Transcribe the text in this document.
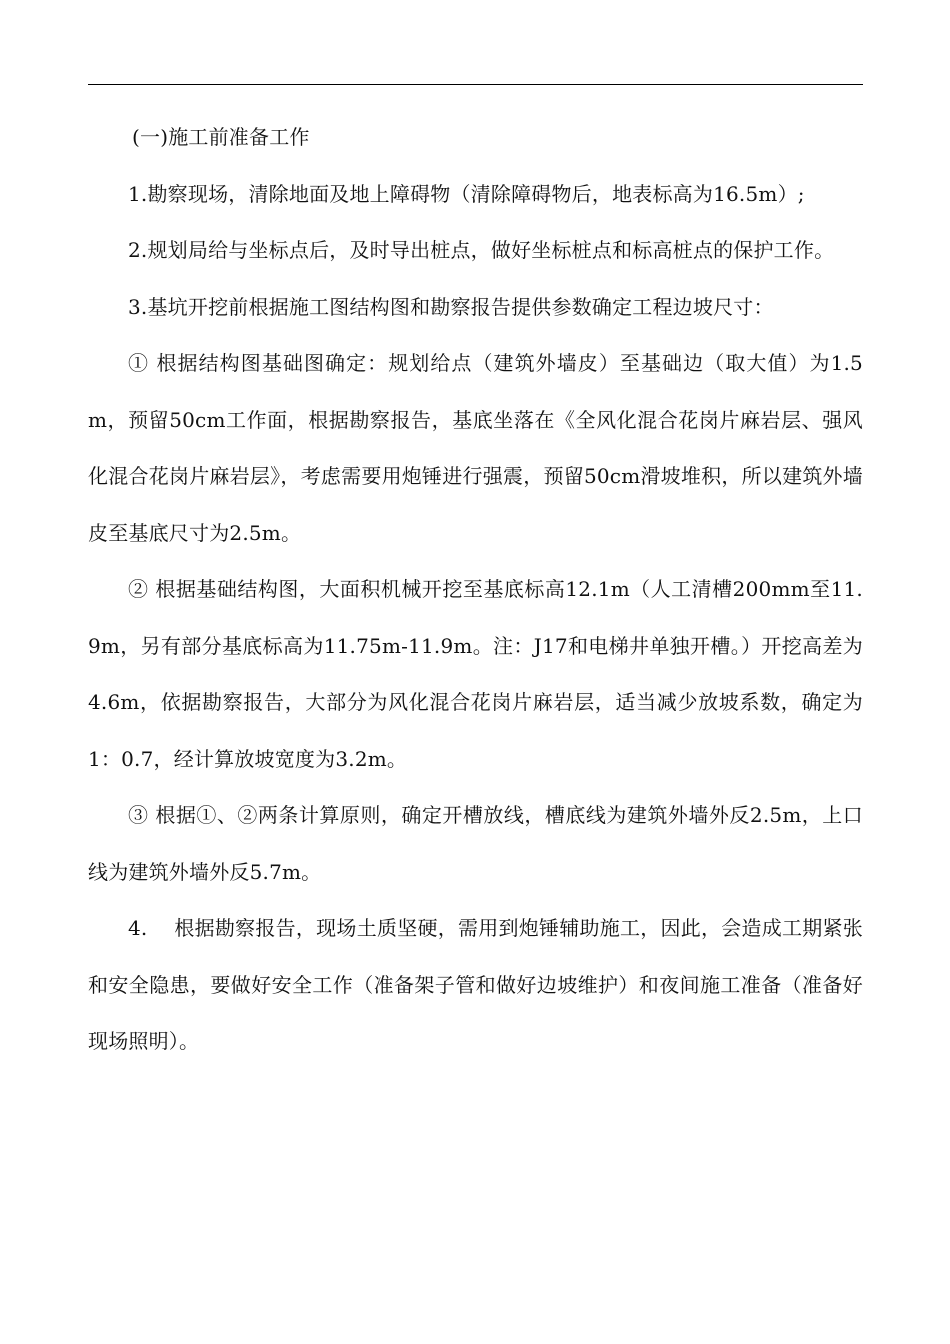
(一)施工前准备工作

1.勘察现场，清除地面及地上障碍物（清除障碍物后，地表标高为16.5m）;

2.规划局给与坐标点后，及时导出桩点，做好坐标桩点和标高桩点的保护工作。

3.基坑开挖前根据施工图结构图和勘察报告提供参数确定工程边坡尺寸：

① 根据结构图基础图确定：规划给点（建筑外墙皮）至基础边（取大值）为1.5m，预留50cm工作面，根据勘察报告，基底坐落在《全风化混合花岗片麻岩层、强风化混合花岗片麻岩层》，考虑需要用炮锤进行强震，预留50cm滑坡堆积，所以建筑外墙皮至基底尺寸为2.5m。

② 根据基础结构图，大面积机械开挖至基底标高12.1m（人工清槽200mm至11.9m，另有部分基底标高为11.75m-11.9m。注：J17和电梯井单独开槽。）开挖高差为4.6m，依据勘察报告，大部分为风化混合花岗片麻岩层，适当减少放坡系数，确定为1：0.7，经计算放坡宽度为3.2m。

③ 根据①、②两条计算原则，确定开槽放线，槽底线为建筑外墙外反2.5m，上口线为建筑外墙外反5.7m。

4.　 根据勘察报告，现场土质坚硬，需用到炮锤辅助施工，因此，会造成工期紧张和安全隐患，要做好安全工作（准备架子管和做好边坡维护）和夜间施工准备（准备好现场照明）。
